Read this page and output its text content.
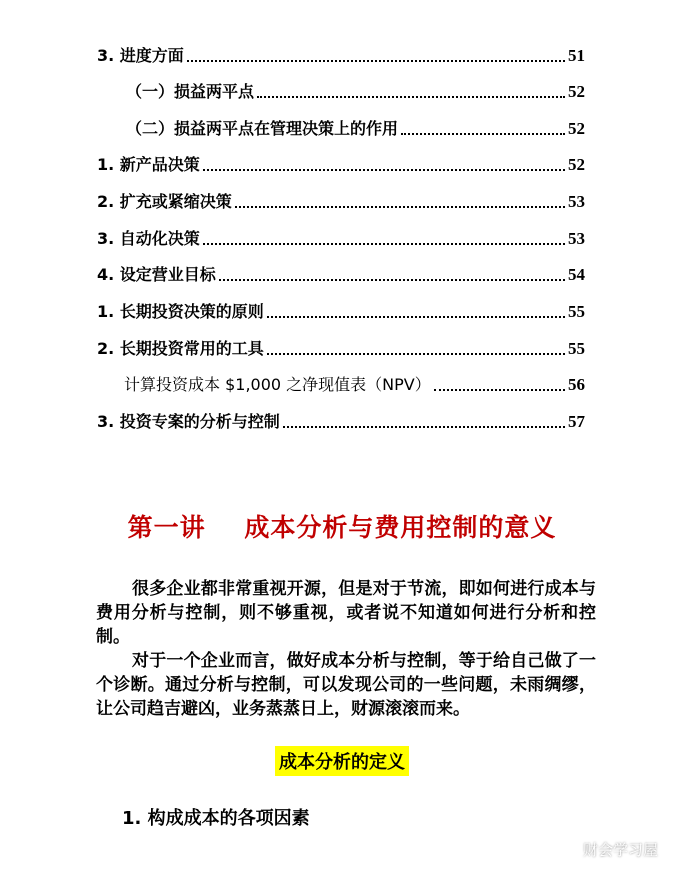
3. 进度方面	51
（一）损益两平点	52
（二）损益两平点在管理决策上的作用	52
1. 新产品决策	52
2. 扩充或紧缩决策	53
3. 自动化决策	53
4. 设定营业目标	54
1. 长期投资决策的原则	55
2. 长期投资常用的工具	55
计算投资成本 $1,000 之净现值表（NPV）	56
3. 投资专案的分析与控制	57
第一讲    成本分析与费用控制的意义

很多企业都非常重视开源，但是对于节流，即如何进行成本与费用分析与控制，则不够重视，或者说不知道如何进行分析和控制。

对于一个企业而言，做好成本分析与控制，等于给自己做了一个诊断。通过分析与控制，可以发现公司的一些问题，未雨绸缪，让公司趋吉避凶，业务蒸蒸日上，财源滚滚而来。

成本分析的定义
1. 构成成本的各项因素
财会学习屋
